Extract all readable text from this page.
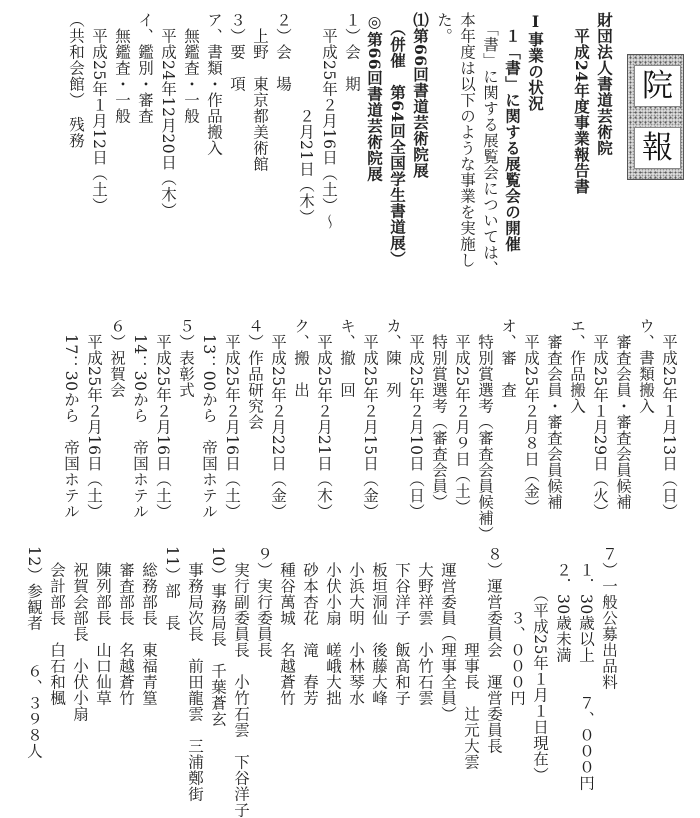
院
報
財団法人書道芸術院
　平成24年度事業報告書
Ⅰ事業の状況
　１「書」に関する展覧会の開催
　「書」に関する展覧会については、
本年度は以下のような事業を実施し
た。
⑴第66回書道芸術院展
　（併催　第64回全国学生書道展）
◎第66回書道芸術院展
１）会　期
　平成25年２月16日（土）～
　　　　　　２月21日（木）
２）会　場
　上野　東京都美術館
３）要　項
ア、書類・作品搬入
　無鑑査・一般
　平成24年12月20日（木）
イ、鑑別・審査
　無鑑査・一般
　平成25年１月12日（土）
（共和会館）　残務
　平成25年１月13日（日）
ウ、書類搬入
　審査会員・審査会員候補
　平成25年１月29日（火）
エ、作品搬入
　審査会員・審査会員候補
　平成25年２月８日（金）
オ、審　査
　特別賞選考（審査会員候補）
　平成25年２月９日（土）
　特別賞選考（審査会員）
　平成25年２月10日（日）
カ、陳　列
　平成25年２月15日（金）
キ、撤　回
　平成25年２月21日（木）
ク、搬　出
　平成25年２月22日（金）
４）作品研究会
　平成25年２月16日（土）
　13：00から　帝国ホテル
５）表彰式
　平成25年２月16日（土）
　14：30から　帝国ホテル
６）祝賀会
　平成25年２月16日（土）
　17：30から　帝国ホテル
７）一般公募出品料
　１．30歳以上　　７、０００円
　２．30歳未満
　　　（平成25年１月１日現在）
　　　　３、０００円
８）運営委員会　運営委員長
　　　　　　理事長　辻元大雲
　運営委員（理事全員）
　大野祥雲　小竹石雲
　下谷洋子　飯髙和子
　板垣洞仙　後藤大峰
　小浜大明　小林琴水
　小伏小扇　嵯峨大拙
　砂本杏花　滝　春芳
　種谷萬城　名越蒼竹
９）実行委員長
　実行副委員長　小竹石雲　下谷洋子
10）事務局長　千葉蒼玄
　事務局次長　前田龍雲　三浦鄭街
11）部　長
　総務部長　東福青篁
　審査部長　名越蒼竹
　陳列部長　山口仙草
　祝賀会部長　小伏小扇
　会計部長　白石和楓
12）参観者　　６、３９８人
